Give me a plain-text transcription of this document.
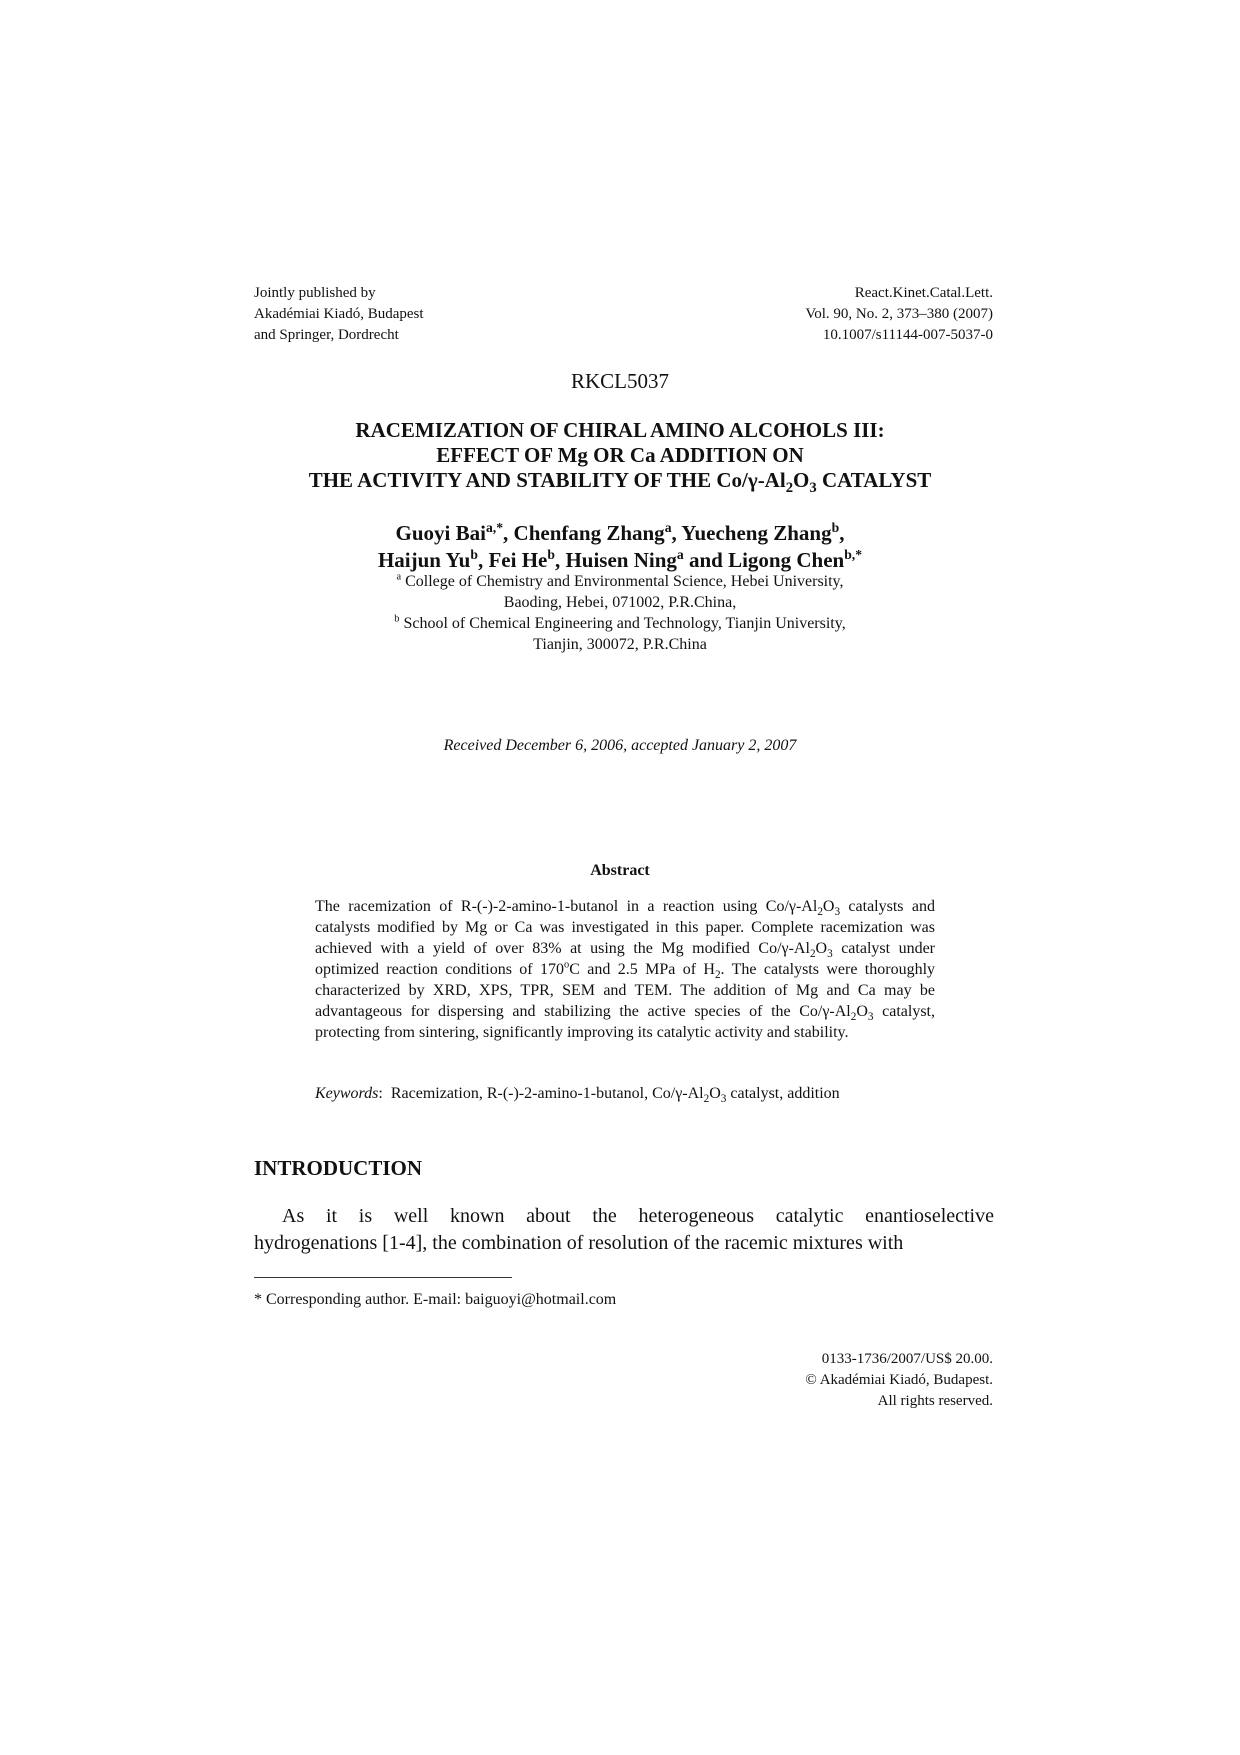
Jointly published by
Akadémiai Kiadó, Budapest
and Springer, Dordrecht
React.Kinet.Catal.Lett.
Vol. 90, No. 2, 373–380 (2007)
10.1007/s11144-007-5037-0
RKCL5037
RACEMIZATION OF CHIRAL AMINO ALCOHOLS III:
EFFECT OF Mg OR Ca ADDITION ON
THE ACTIVITY AND STABILITY OF THE $Co/\gamma-Al_2O_3$ CATALYST
Guoyi Bai$^{a,*}$, Chenfang Zhang$^a$, Yuecheng Zhang$^b$,
Haijun Yu$^b$, Fei He$^b$, Huisen Ning$^a$ and Ligong Chen$^{b,*}$
$^a$ College of Chemistry and Environmental Science, Hebei University,
Baoding, Hebei, 071002, P.R.China,
$^b$ School of Chemical Engineering and Technology, Tianjin University,
Tianjin, 300072, P.R.China
Received December 6, 2006, accepted January 2, 2007
Abstract
The racemization of R-(-)-2-amino-1-butanol in a reaction using $Co/\gamma-Al_2O_3$ catalysts and catalysts modified by Mg or Ca was investigated in this paper. Complete racemization was achieved with a yield of over 83% at using the Mg modified $Co/\gamma-Al_2O_3$ catalyst under optimized reaction conditions of 170$^o$C and 2.5 MPa of $H_2$. The catalysts were thoroughly characterized by XRD, XPS, TPR, SEM and TEM. The addition of Mg and Ca may be advantageous for dispersing and stabilizing the active species of the $Co/\gamma-Al_2O_3$ catalyst, protecting from sintering, significantly improving its catalytic activity and stability.
Keywords:  Racemization, R-(-)-2-amino-1-butanol, $Co/\gamma-Al_2O_3$ catalyst, addition
INTRODUCTION
As it is well known about the heterogeneous catalytic enantioselective
hydrogenations [1-4], the combination of resolution of the racemic mixtures with
* Corresponding author. E-mail: baiguoyi@hotmail.com
0133-1736/2007/US$ 20.00.
© Akadémiai Kiadó, Budapest.
All rights reserved.
